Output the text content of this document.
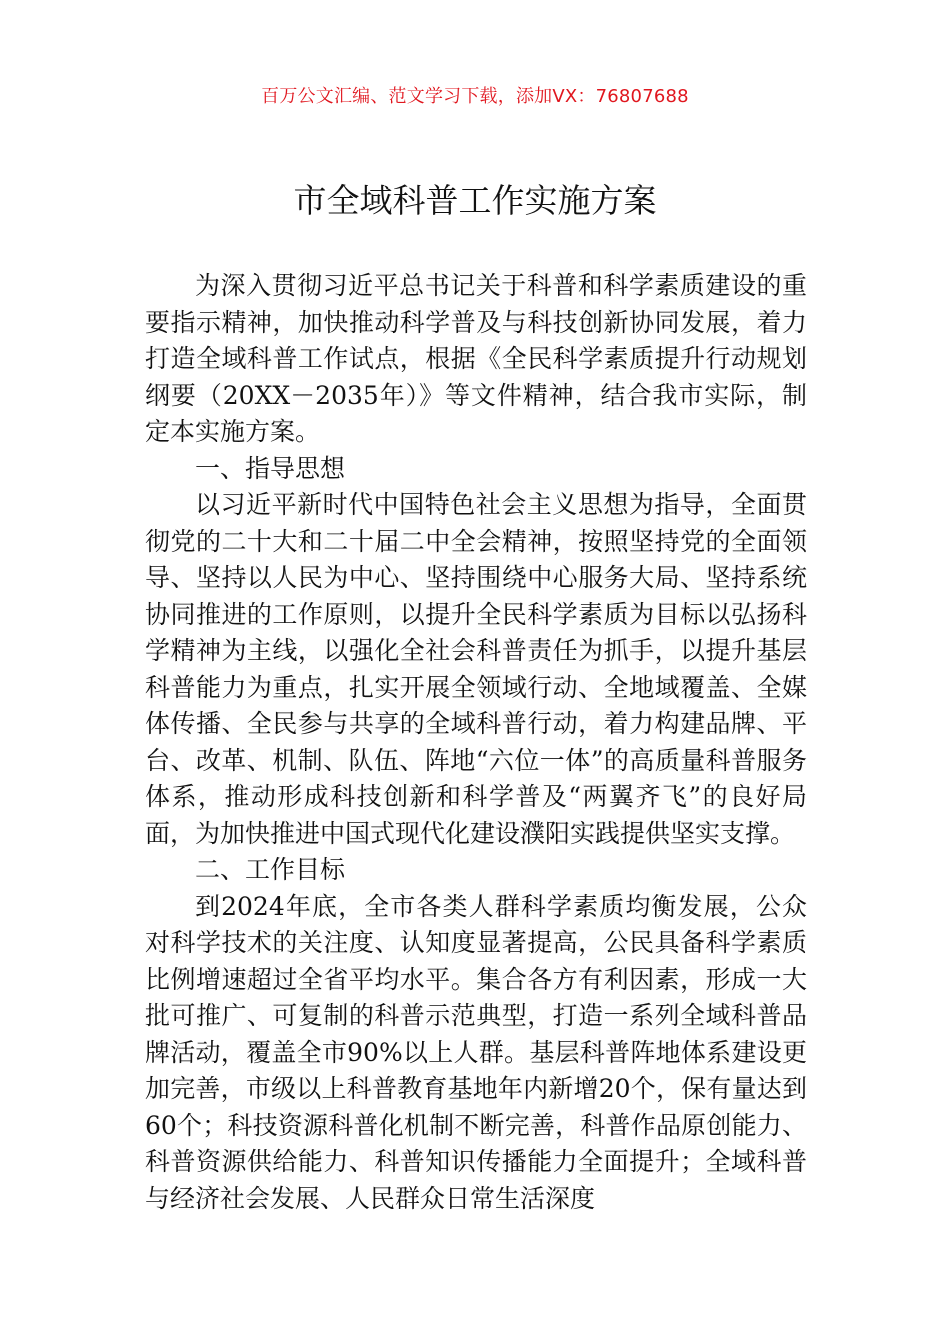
百万公文汇编、范文学习下载，添加VX：76807688
市全域科普工作实施方案

为深入贯彻习近平总书记关于科普和科学素质建设的重要指示精神，加快推动科学普及与科技创新协同发展，着力打造全域科普工作试点，根据《全民科学素质提升行动规划纲要（20XX－2035年）》等文件精神，结合我市实际，制定本实施方案。

一、指导思想

以习近平新时代中国特色社会主义思想为指导，全面贯彻党的二十大和二十届二中全会精神，按照坚持党的全面领导、坚持以人民为中心、坚持围绕中心服务大局、坚持系统协同推进的工作原则，以提升全民科学素质为目标以弘扬科学精神为主线，以强化全社会科普责任为抓手，以提升基层科普能力为重点，扎实开展全领域行动、全地域覆盖、全媒体传播、全民参与共享的全域科普行动，着力构建品牌、平台、改革、机制、队伍、阵地“六位一体”的高质量科普服务体系，推动形成科技创新和科学普及“两翼齐飞”的良好局面，为加快推进中国式现代化建设濮阳实践提供坚实支撑。

二、工作目标

到2024年底，全市各类人群科学素质均衡发展，公众对科学技术的关注度、认知度显著提高，公民具备科学素质比例增速超过全省平均水平。集合各方有利因素，形成一大批可推广、可复制的科普示范典型，打造一系列全域科普品牌活动，覆盖全市90%以上人群。基层科普阵地体系建设更加完善，市级以上科普教育基地年内新增20个，保有量达到60个；科技资源科普化机制不断完善，科普作品原创能力、科普资源供给能力、科普知识传播能力全面提升；全域科普与经济社会发展、人民群众日常生活深度
